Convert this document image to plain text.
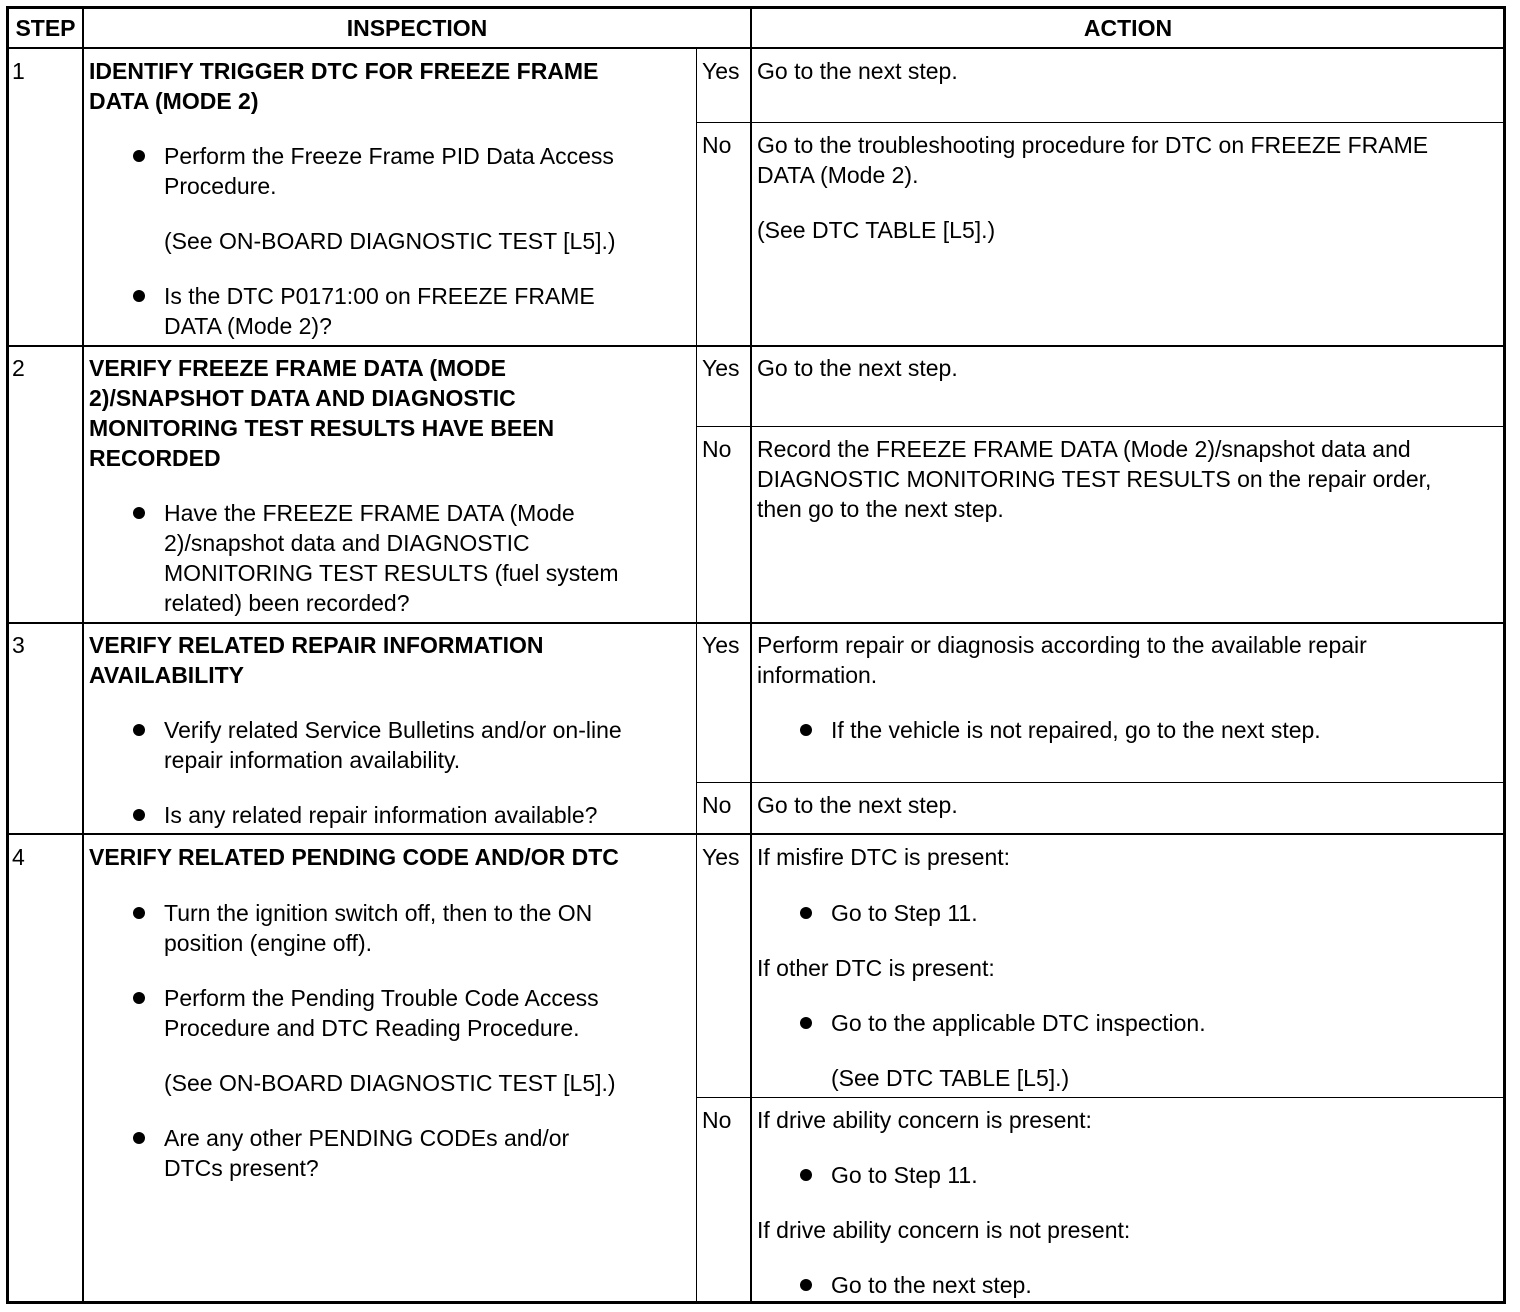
STEP	INSPECTION	ACTION
1	IDENTIFY TRIGGER DTC FOR FREEZE FRAME
DATA (MODE 2)
Perform the Freeze Frame PID Data Access
Procedure.
(See ON-BOARD DIAGNOSTIC TEST [L5].)
Is the DTC P0171:00 on FREEZE FRAME
DATA (Mode 2)?
Yes Go to the next step.
No Go to the troubleshooting procedure for DTC on FREEZE FRAME
DATA (Mode 2).
(See DTC TABLE [L5].)
2	VERIFY FREEZE FRAME DATA (MODE
2)/SNAPSHOT DATA AND DIAGNOSTIC
MONITORING TEST RESULTS HAVE BEEN
RECORDED
Have the FREEZE FRAME DATA (Mode
2)/snapshot data and DIAGNOSTIC
MONITORING TEST RESULTS (fuel system
related) been recorded?
Yes Go to the next step.
No Record the FREEZE FRAME DATA (Mode 2)/snapshot data and
DIAGNOSTIC MONITORING TEST RESULTS on the repair order,
then go to the next step.
3	VERIFY RELATED REPAIR INFORMATION
AVAILABILITY
Verify related Service Bulletins and/or on-line
repair information availability.
Is any related repair information available?
Yes Perform repair or diagnosis according to the available repair
information.
If the vehicle is not repaired, go to the next step.
No Go to the next step.
4	VERIFY RELATED PENDING CODE AND/OR DTC
Turn the ignition switch off, then to the ON
position (engine off).
Perform the Pending Trouble Code Access
Procedure and DTC Reading Procedure.
(See ON-BOARD DIAGNOSTIC TEST [L5].)
Are any other PENDING CODEs and/or
DTCs present?
Yes If misfire DTC is present:
Go to Step 11.
If other DTC is present:
Go to the applicable DTC inspection.
(See DTC TABLE [L5].)
No If drive ability concern is present:
Go to Step 11.
If drive ability concern is not present:
Go to the next step.
